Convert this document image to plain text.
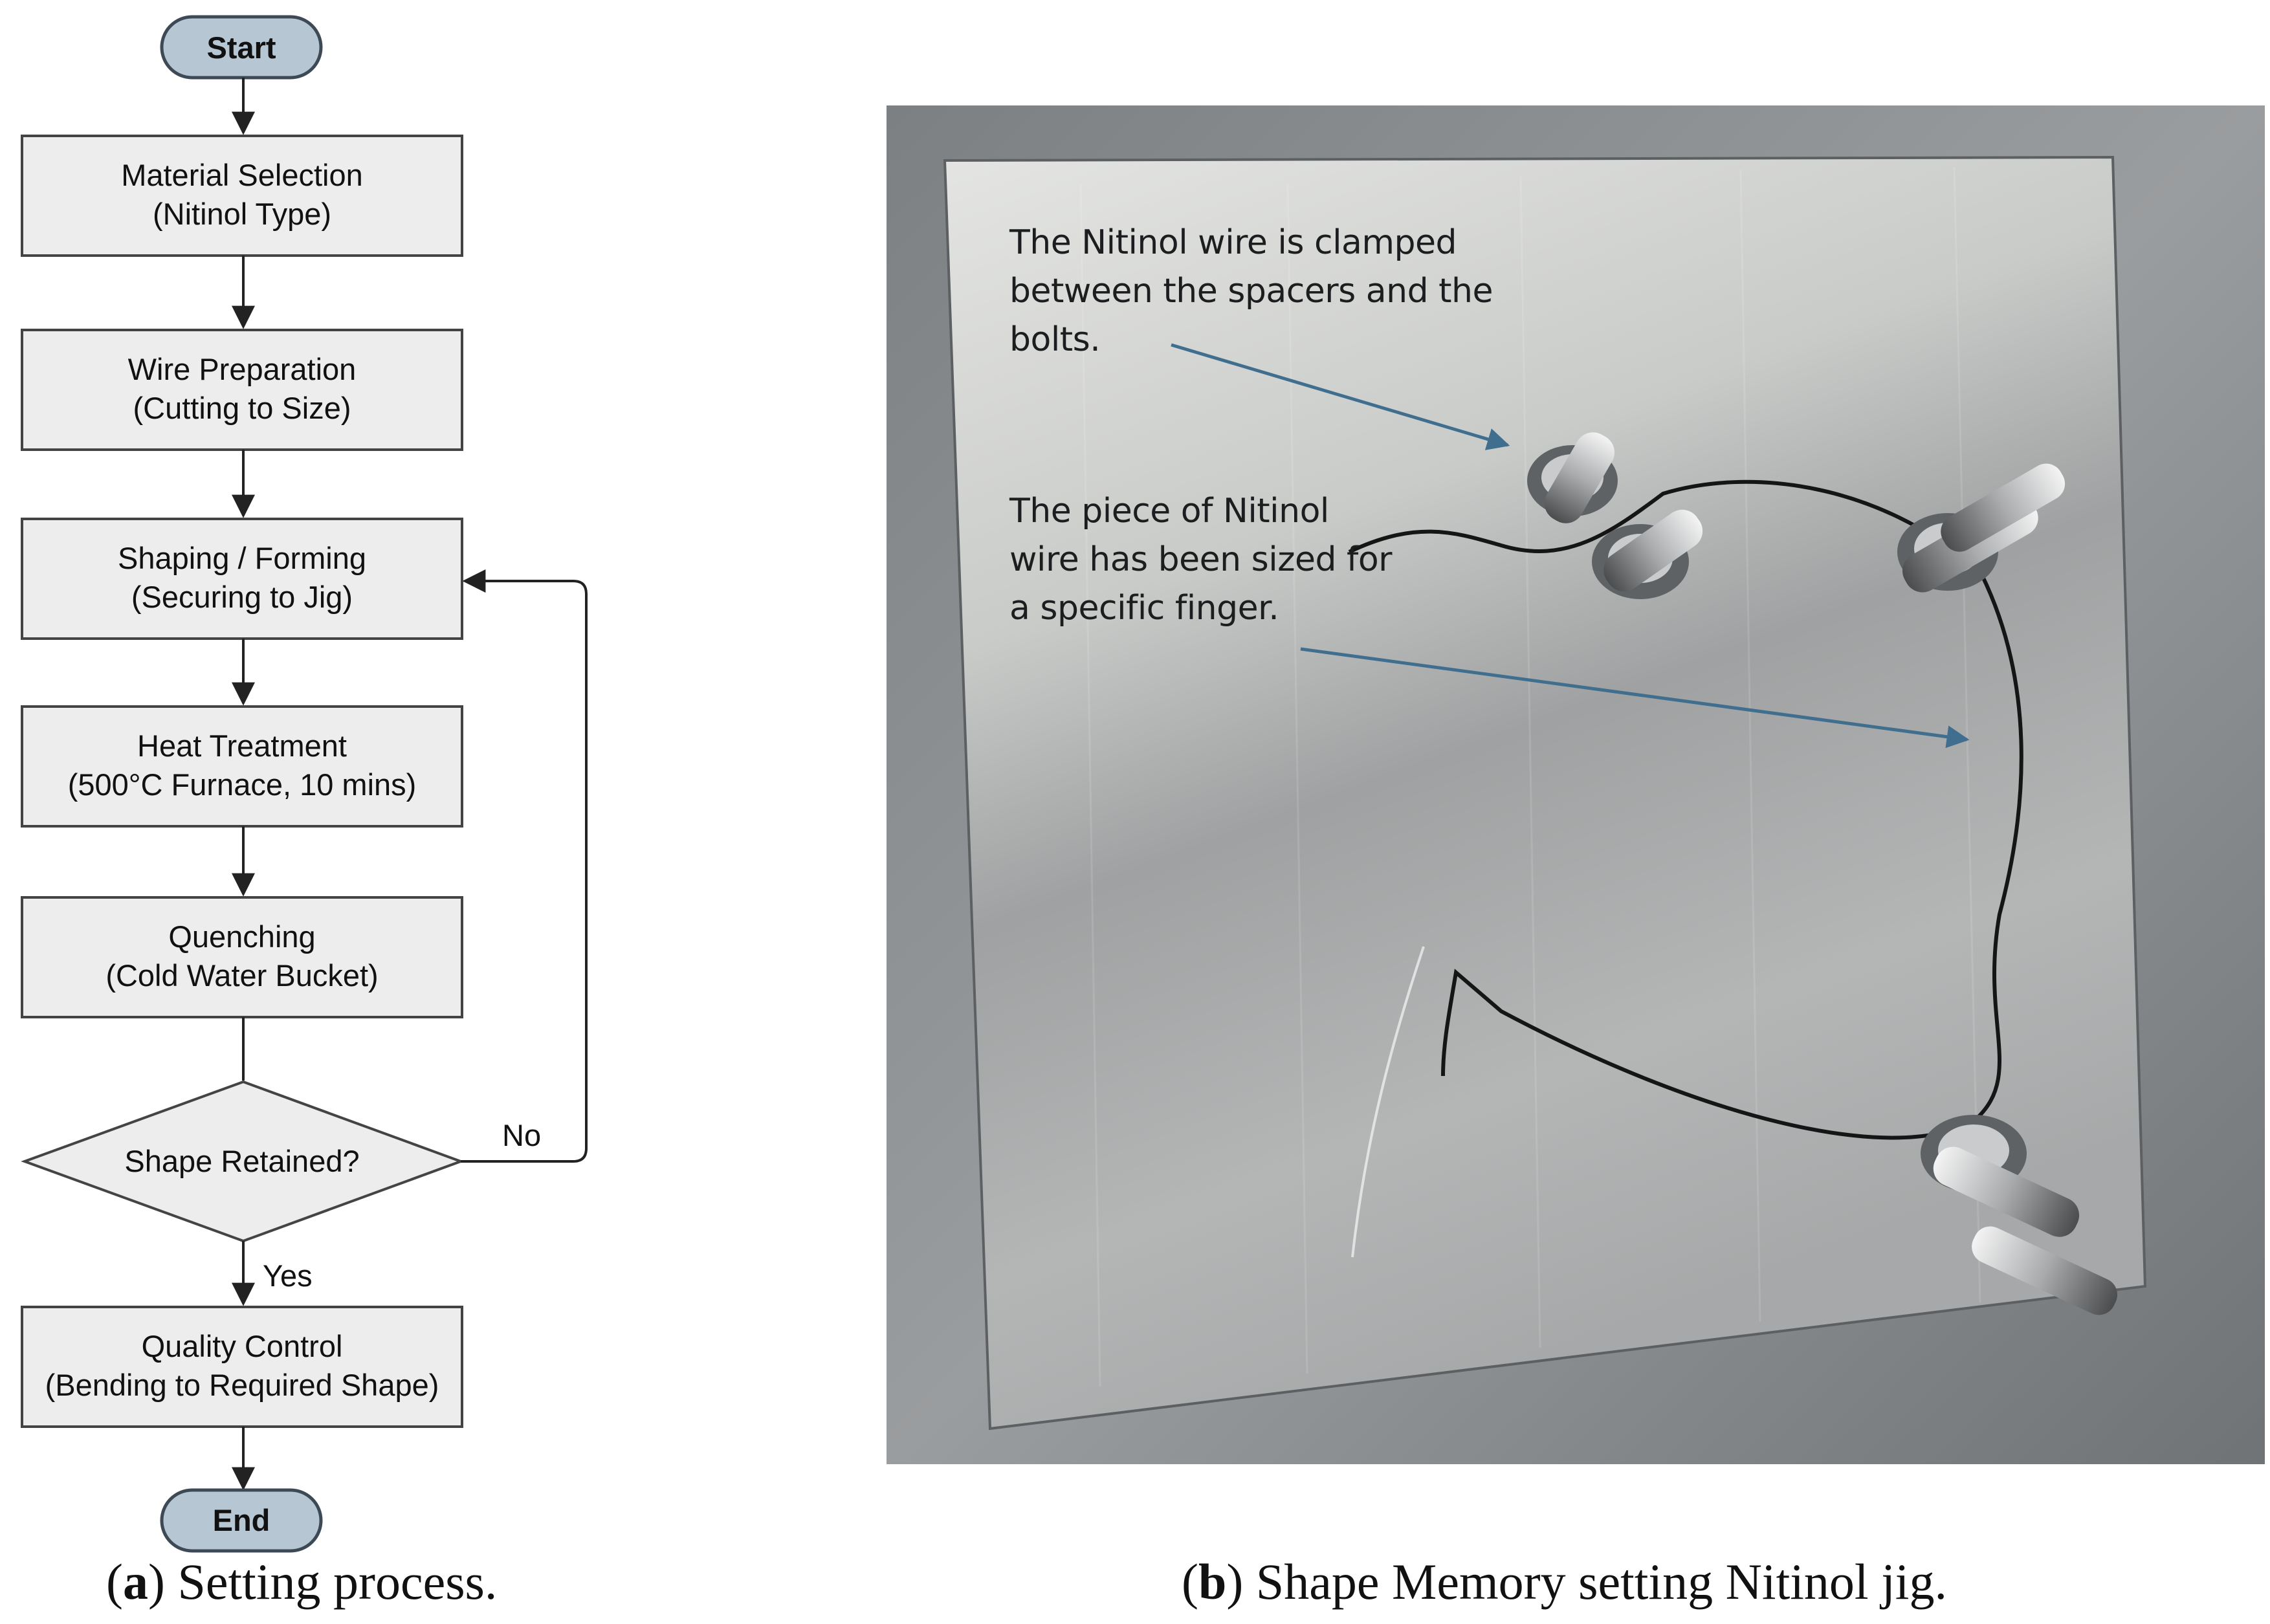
Start
Material Selection
(Nitinol Type)
Wire Preparation
(Cutting to Size)
Shaping / Forming
(Securing to Jig)
Heat Treatment
(500°C Furnace, 10 mins)
Quenching
(Cold Water Bucket)
Shape Retained?
No
Yes
Quality Control
(Bending to Required Shape)
End
(a) Setting process.
The Nitinol wire is clamped between the spacers and the bolts.
The piece of Nitinol wire has been sized for a specific finger.
(b) Shape Memory setting Nitinol jig.
